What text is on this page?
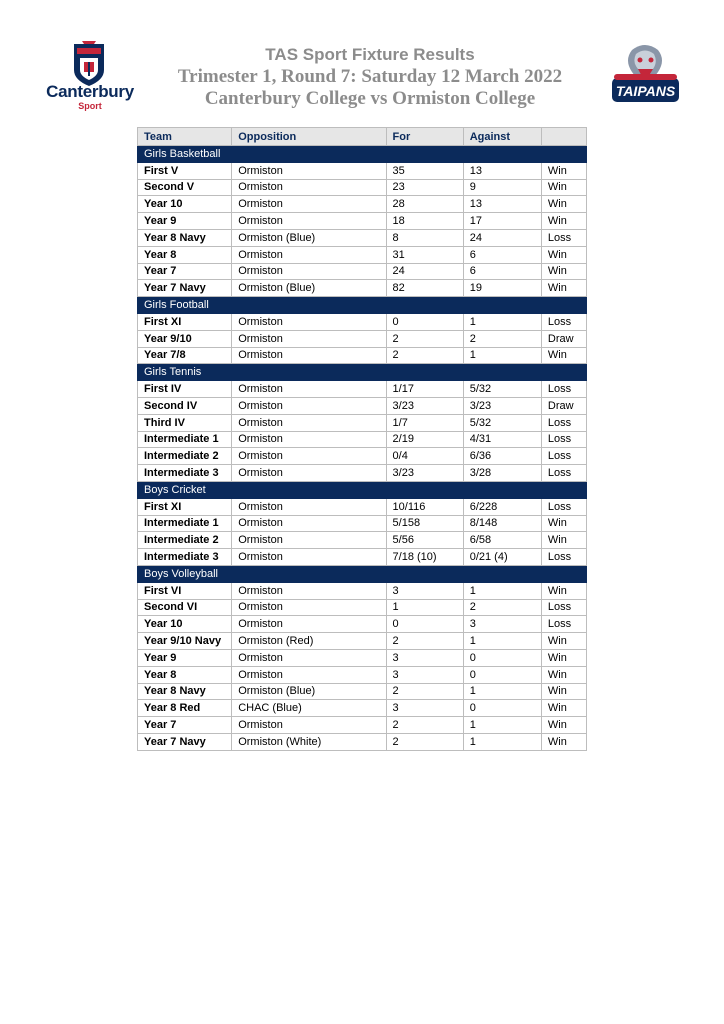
Canterbury
Sport
TAIPANS
TAS Sport Fixture Results
Trimester 1, Round 7: Saturday 12 March 2022
Canterbury College vs Ormiston College
Team	Opposition	For	Against	
Girls Basketball				
First V	Ormiston	35	13	Win
Second V	Ormiston	23	9	Win
Year 10	Ormiston	28	13	Win
Year 9	Ormiston	18	17	Win
Year 8 Navy	Ormiston (Blue)	8	24	Loss
Year 8	Ormiston	31	6	Win
Year 7	Ormiston	24	6	Win
Year 7 Navy	Ormiston (Blue)	82	19	Win
Girls Football				
First XI	Ormiston	0	1	Loss
Year 9/10	Ormiston	2	2	Draw
Year 7/8	Ormiston	2	1	Win
Girls Tennis				
First IV	Ormiston	1/17	5/32	Loss
Second IV	Ormiston	3/23	3/23	Draw
Third IV	Ormiston	1/7	5/32	Loss
Intermediate 1	Ormiston	2/19	4/31	Loss
Intermediate 2	Ormiston	0/4	6/36	Loss
Intermediate 3	Ormiston	3/23	3/28	Loss
Boys Cricket				
First XI	Ormiston	10/116	6/228	Loss
Intermediate 1	Ormiston	5/158	8/148	Win
Intermediate 2	Ormiston	5/56	6/58	Win
Intermediate 3	Ormiston	7/18 (10)	0/21 (4)	Loss
Boys Volleyball				
First VI	Ormiston	3	1	Win
Second VI	Ormiston	1	2	Loss
Year 10	Ormiston	0	3	Loss
Year 9/10 Navy	Ormiston (Red)	2	1	Win
Year 9	Ormiston	3	0	Win
Year 8	Ormiston	3	0	Win
Year 8 Navy	Ormiston (Blue)	2	1	Win
Year 8 Red	CHAC (Blue)	3	0	Win
Year 7	Ormiston	2	1	Win
Year 7 Navy	Ormiston (White)	2	1	Win
